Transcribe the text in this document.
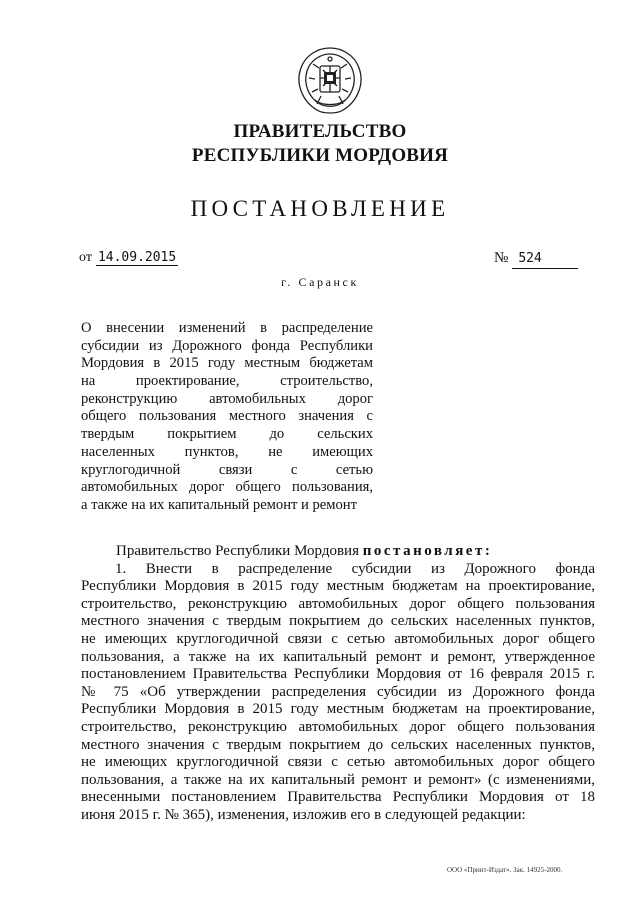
ПРАВИТЕЛЬСТВО
РЕСПУБЛИКИ МОРДОВИЯ
ПОСТАНОВЛЕНИЕ
от 14.09.2015	№ 524
г. Саранск
О внесении изменений в распределение
субсидии из Дорожного фонда Республики
Мордовия в 2015 году местным бюджетам
на проектирование, строительство,
реконструкцию автомобильных дорог
общего пользования местного значения с
твердым покрытием до сельских
населенных пунктов, не имеющих
круглогодичной связи с сетью
автомобильных дорог общего пользования,
а также на их капитальный ремонт и ремонт
Правительство Республики Мордовия постановляет:
1. Внести в распределение субсидии из Дорожного фонда
Республики Мордовия в 2015 году местным бюджетам на проектирование,
строительство, реконструкцию автомобильных дорог общего пользования
местного значения с твердым покрытием до сельских населенных пунктов,
не имеющих круглогодичной связи с сетью автомобильных дорог общего
пользования, а также на их капитальный ремонт и ремонт, утвержденное
постановлением Правительства Республики Мордовия от 16 февраля 2015 г.
№ 75 «Об утверждении распределения субсидии из Дорожного фонда
Республики Мордовия в 2015 году местным бюджетам на проектирование,
строительство, реконструкцию автомобильных дорог общего пользования
местного значения с твердым покрытием до сельских населенных пунктов,
не имеющих круглогодичной связи с сетью автомобильных дорог общего
пользования, а также на их капитальный ремонт и ремонт» (с изменениями,
внесенными постановлением Правительства Республики Мордовия от 18
июня 2015 г. № 365), изменения, изложив его в следующей редакции:
ООО «Принт-Издат». Зак. 14925-2000.
